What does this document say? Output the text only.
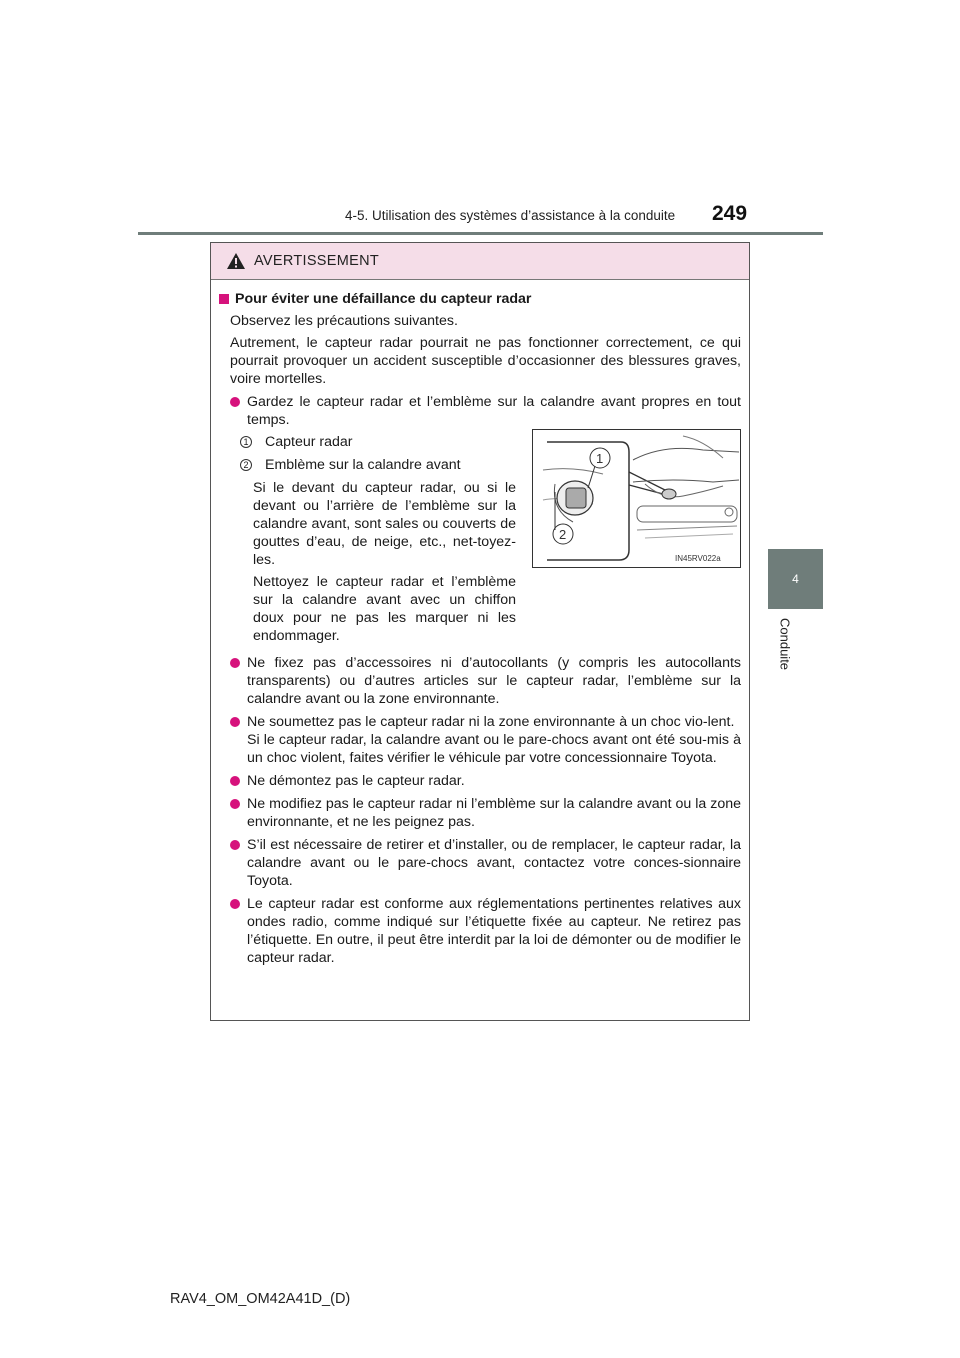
4-5. Utilisation des systèmes d’assistance à la conduite	249
4
Conduite
AVERTISSEMENT
Pour éviter une défaillance du capteur radar
Observez les précautions suivantes.
Autrement, le capteur radar pourrait ne pas fonctionner correctement, ce qui pourrait provoquer un accident susceptible d’occasionner des blessures graves, voire mortelles.
Gardez le capteur radar et l’emblème sur la calandre avant propres en tout temps.
1 Capteur radar
2 Emblème sur la calandre avant
Si le devant du capteur radar, ou si le devant ou l’arrière de l’emblème sur la calandre avant, sont sales ou couverts de gouttes d’eau, de neige, etc., net-toyez-les.
Nettoyez le capteur radar et l’emblème sur la calandre avant avec un chiffon doux pour ne pas les marquer ni les endommager.
1
2
IN45RV022a
Ne fixez pas d’accessoires ni d’autocollants (y compris les autocollants transparents) ou d’autres articles sur le capteur radar, l’emblème sur la calandre avant ou la zone environnante.
Ne soumettez pas le capteur radar ni la zone environnante à un choc vio-lent.
Si le capteur radar, la calandre avant ou le pare-chocs avant ont été sou-mis à un choc violent, faites vérifier le véhicule par votre concessionnaire Toyota.
Ne démontez pas le capteur radar.
Ne modifiez pas le capteur radar ni l’emblème sur la calandre avant ou la zone environnante, et ne les peignez pas.
S’il est nécessaire de retirer et d’installer, ou de remplacer, le capteur radar, la calandre avant ou le pare-chocs avant, contactez votre conces-sionnaire Toyota.
Le capteur radar est conforme aux réglementations pertinentes relatives aux ondes radio, comme indiqué sur l’étiquette fixée au capteur. Ne retirez pas l’étiquette. En outre, il peut être interdit par la loi de démonter ou de modifier le capteur radar.
RAV4_OM_OM42A41D_(D)
